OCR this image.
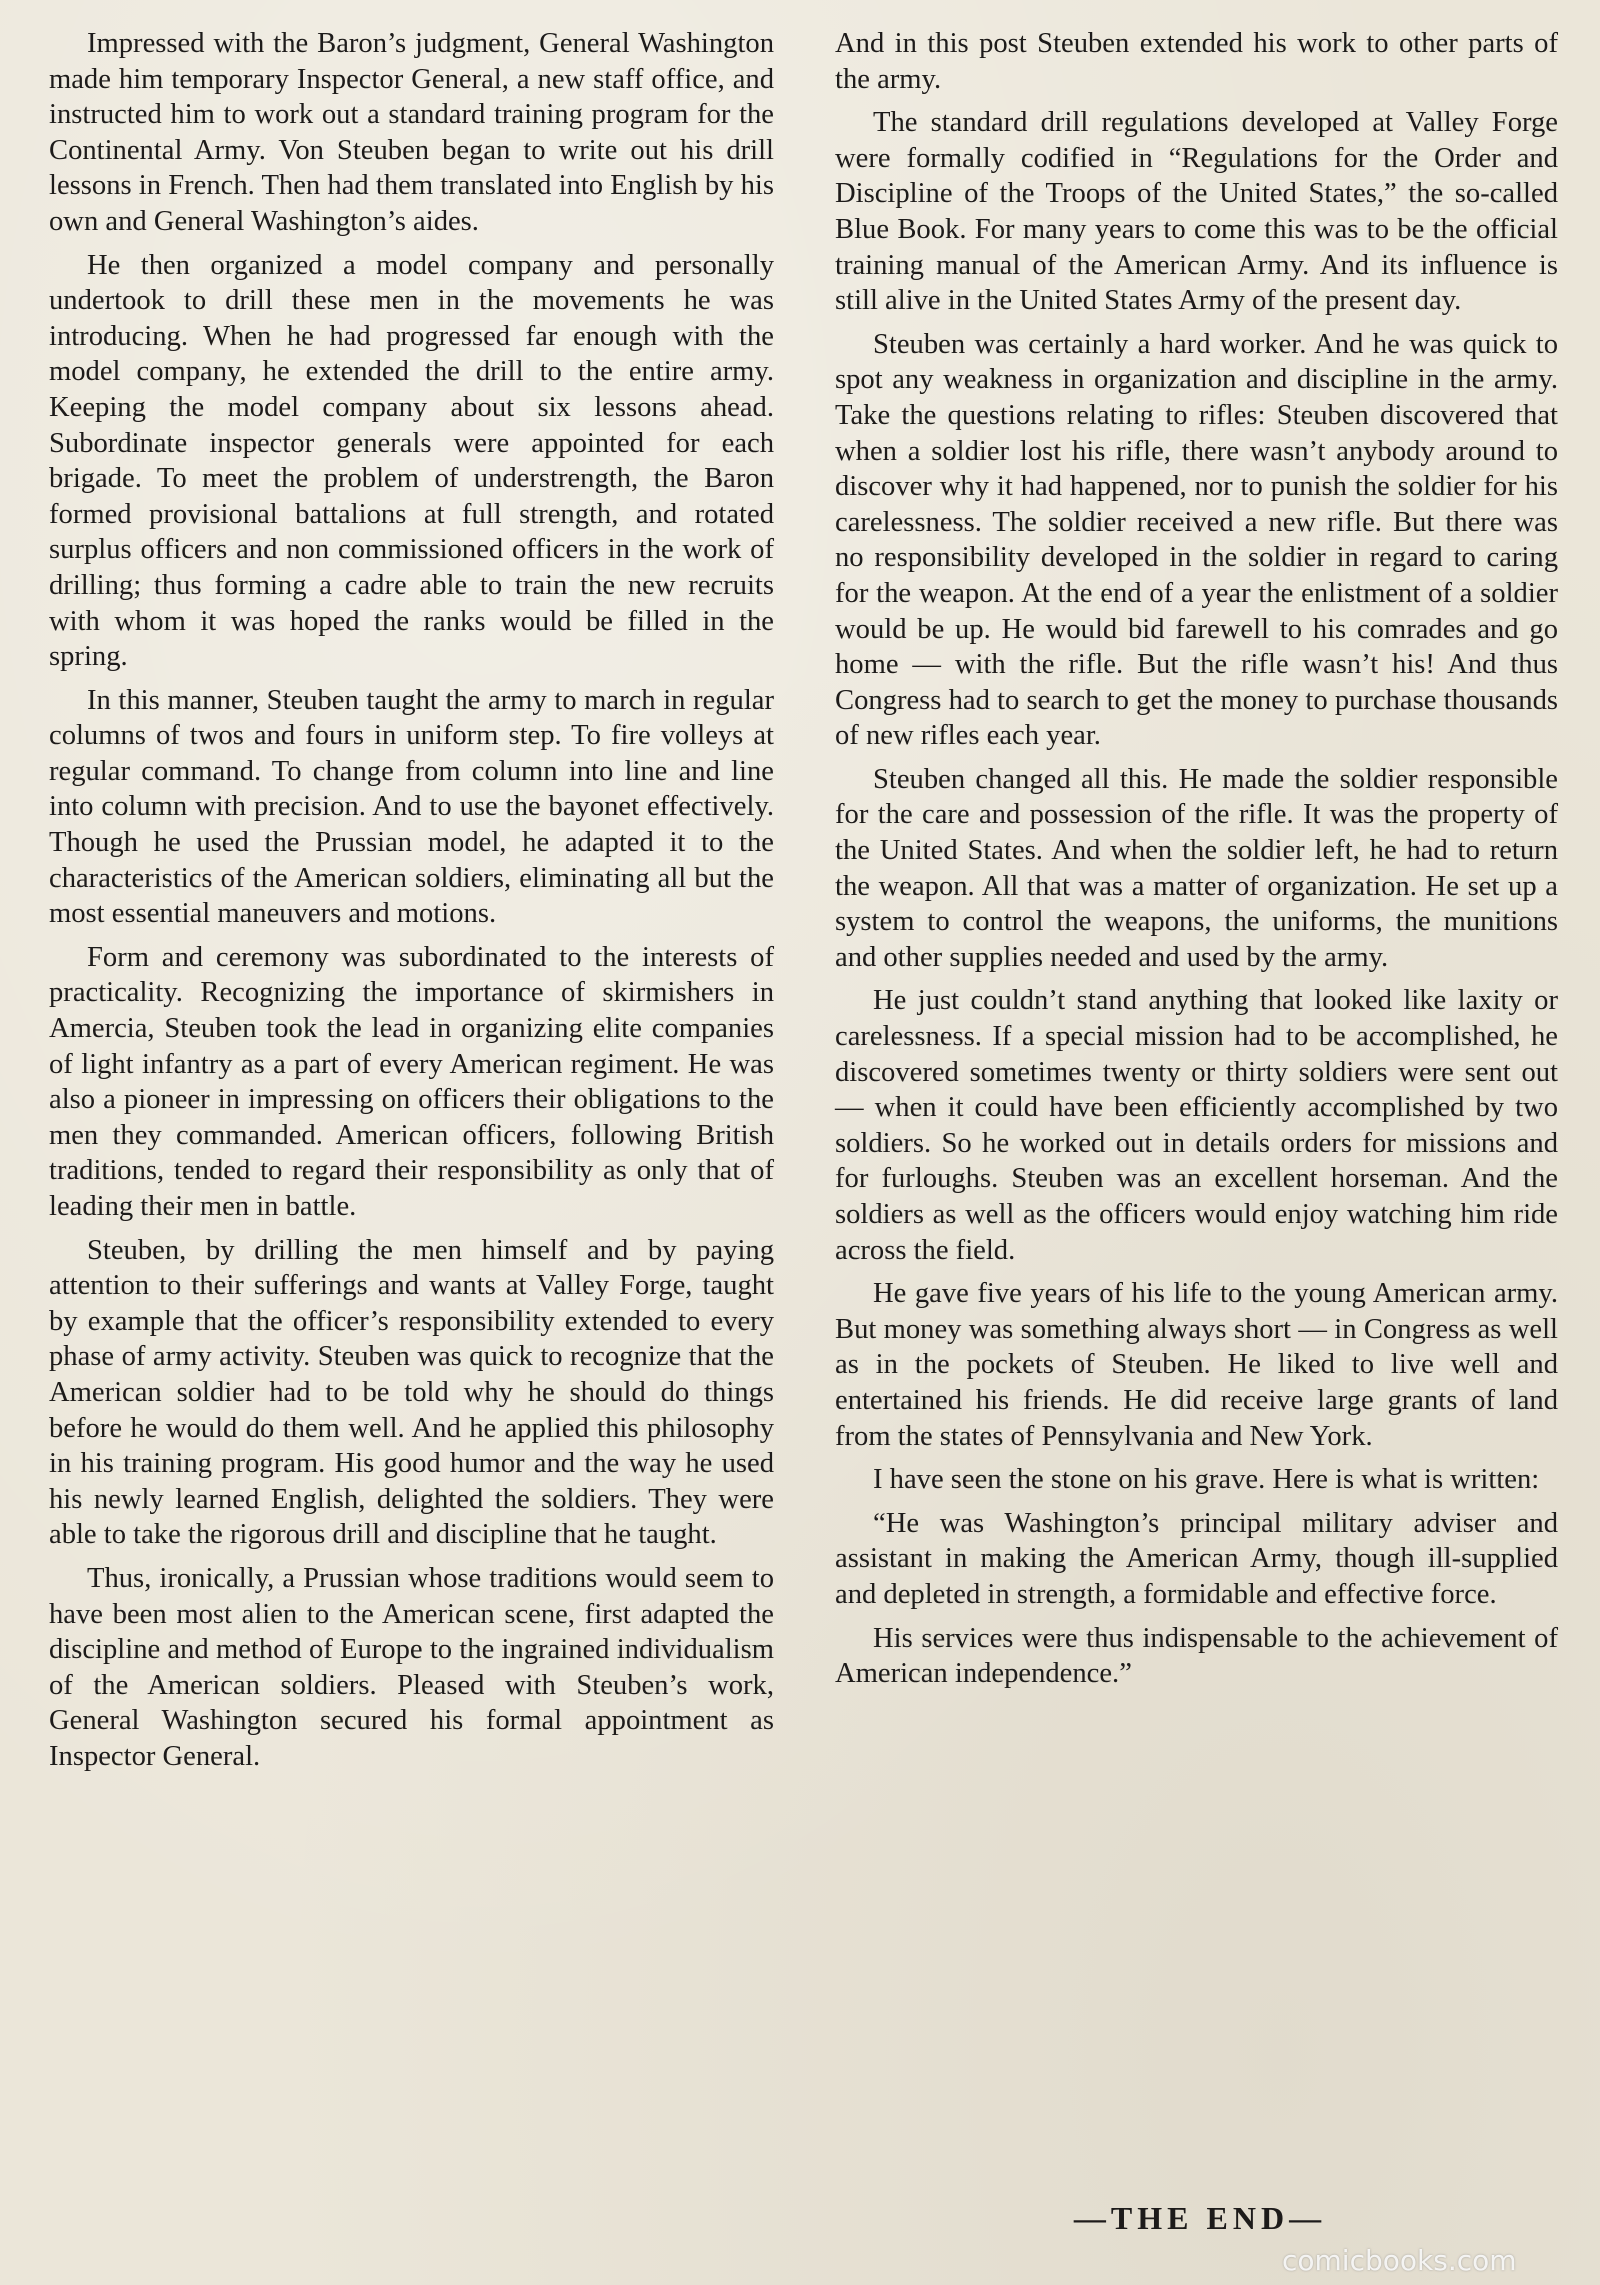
Impressed with the Baron’s judgment, General Washington made him temporary Inspector General, a new staff office, and instructed him to work out a standard training program for the Continental Army. Von Steuben began to write out his drill lessons in French. Then had them translated into English by his own and General Washington’s aides.

He then organized a model company and personally undertook to drill these men in the movements he was introducing. When he had progressed far enough with the model company, he extended the drill to the entire army. Keeping the model company about six lessons ahead. Subordinate inspector generals were appointed for each brigade. To meet the problem of understrength, the Baron formed provisional battalions at full strength, and rotated surplus officers and non commissioned officers in the work of drilling; thus forming a cadre able to train the new recruits with whom it was hoped the ranks would be filled in the spring.

In this manner, Steuben taught the army to march in regular columns of twos and fours in uniform step. To fire volleys at regular command. To change from column into line and line into column with precision. And to use the bayonet effectively. Though he used the Prussian model, he adapted it to the characteristics of the American soldiers, eliminating all but the most essential maneuvers and motions.

Form and ceremony was subordinated to the interests of practicality. Recognizing the importance of skirmishers in Amercia, Steuben took the lead in organizing elite companies of light infantry as a part of every American regiment. He was also a pioneer in impressing on officers their obligations to the men they commanded. American officers, following British traditions, tended to regard their responsibility as only that of leading their men in battle.

Steuben, by drilling the men himself and by paying attention to their sufferings and wants at Valley Forge, taught by example that the officer’s responsibility extended to every phase of army activity. Steuben was quick to recognize that the American soldier had to be told why he should do things before he would do them well. And he applied this philosophy in his training program. His good humor and the way he used his newly learned English, delighted the soldiers. They were able to take the rigorous drill and discipline that he taught.

Thus, ironically, a Prussian whose traditions would seem to have been most alien to the American scene, first adapted the discipline and method of Europe to the ingrained individualism of the American soldiers. Pleased with Steuben’s work, General Washington secured his formal appointment as Inspector General.

And in this post Steuben extended his work to other parts of the army.

The standard drill regulations developed at Valley Forge were formally codified in “Regulations for the Order and Discipline of the Troops of the United States,” the so-called Blue Book. For many years to come this was to be the official training manual of the American Army. And its influence is still alive in the United States Army of the present day.

Steuben was certainly a hard worker. And he was quick to spot any weakness in organization and discipline in the army. Take the questions relating to rifles: Steuben discovered that when a soldier lost his rifle, there wasn’t anybody around to discover why it had happened, nor to punish the soldier for his carelessness. The soldier received a new rifle. But there was no responsibility developed in the soldier in regard to caring for the weapon. At the end of a year the enlistment of a soldier would be up. He would bid farewell to his comrades and go home — with the rifle. But the rifle wasn’t his! And thus Congress had to search to get the money to purchase thousands of new rifles each year.

Steuben changed all this. He made the soldier responsible for the care and possession of the rifle. It was the property of the United States. And when the soldier left, he had to return the weapon. All that was a matter of organization. He set up a system to control the weapons, the uniforms, the munitions and other supplies needed and used by the army.

He just couldn’t stand anything that looked like laxity or carelessness. If a special mission had to be accomplished, he discovered sometimes twenty or thirty soldiers were sent out — when it could have been efficiently accomplished by two soldiers. So he worked out in details orders for missions and for furloughs. Steuben was an excellent horseman. And the soldiers as well as the officers would enjoy watching him ride across the field.

He gave five years of his life to the young American army. But money was something always short — in Congress as well as in the pockets of Steuben. He liked to live well and entertained his friends. He did receive large grants of land from the states of Pennsylvania and New York.

I have seen the stone on his grave. Here is what is written:

“He was Washington’s principal military adviser and assistant in making the American Army, though ill-supplied and depleted in strength, a formidable and effective force.

His services were thus indispensable to the achievement of American independence.”

—THE END—
comicbooks.com
